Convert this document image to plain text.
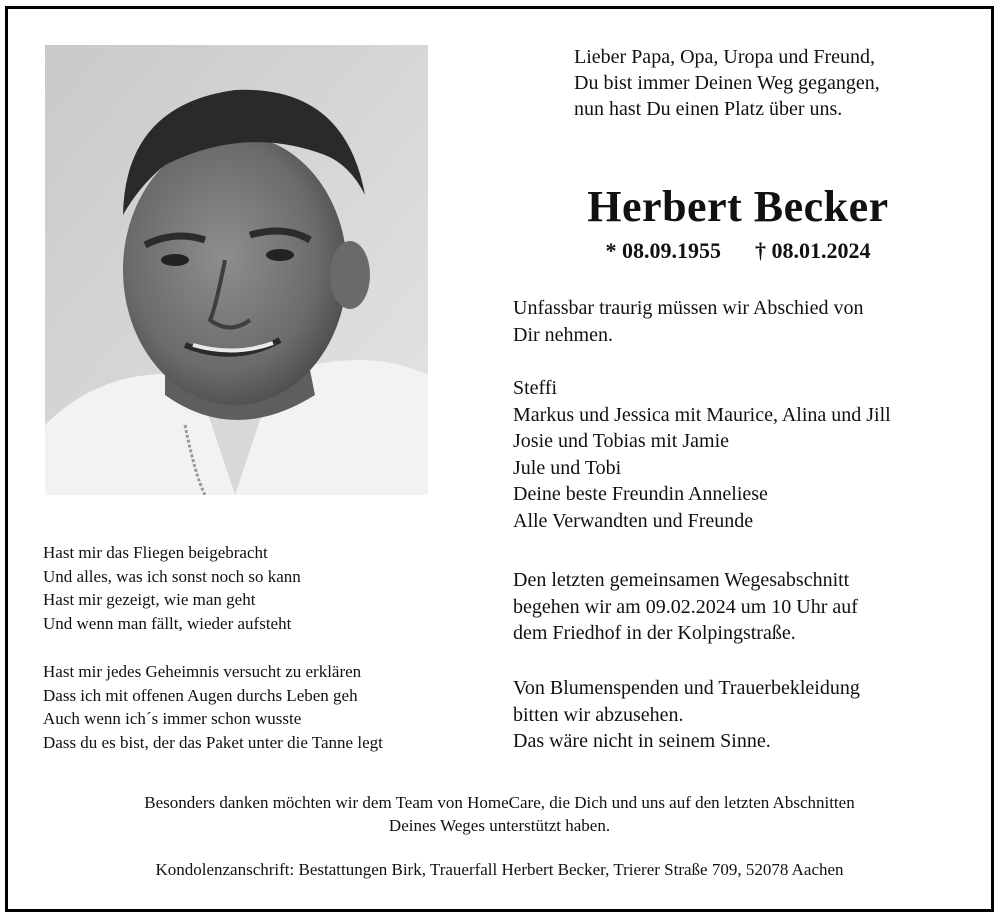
Lieber Papa, Opa, Uropa und Freund,
Du bist immer Deinen Weg gegangen,
nun hast Du einen Platz über uns.
Herbert Becker
* 08.09.1955 † 08.01.2024
Unfassbar traurig müssen wir Abschied von
Dir nehmen.
Steffi
Markus und Jessica mit Maurice, Alina und Jill
Josie und Tobias mit Jamie
Jule und Tobi
Deine beste Freundin Anneliese
Alle Verwandten und Freunde
Den letzten gemeinsamen Wegesabschnitt
begehen wir am 09.02.2024 um 10 Uhr auf
dem Friedhof in der Kolpingstraße.
Von Blumenspenden und Trauerbekleidung
bitten wir abzusehen.
Das wäre nicht in seinem Sinne.
Hast mir das Fliegen beigebracht
Und alles, was ich sonst noch so kann
Hast mir gezeigt, wie man geht
Und wenn man fällt, wieder aufsteht
Hast mir jedes Geheimnis versucht zu erklären
Dass ich mit offenen Augen durchs Leben geh
Auch wenn ich´s immer schon wusste
Dass du es bist, der das Paket unter die Tanne legt
Besonders danken möchten wir dem Team von HomeCare, die Dich und uns auf den letzten Abschnitten
Deines Weges unterstützt haben.
Kondolenzanschrift: Bestattungen Birk, Trauerfall Herbert Becker, Trierer Straße 709, 52078 Aachen
